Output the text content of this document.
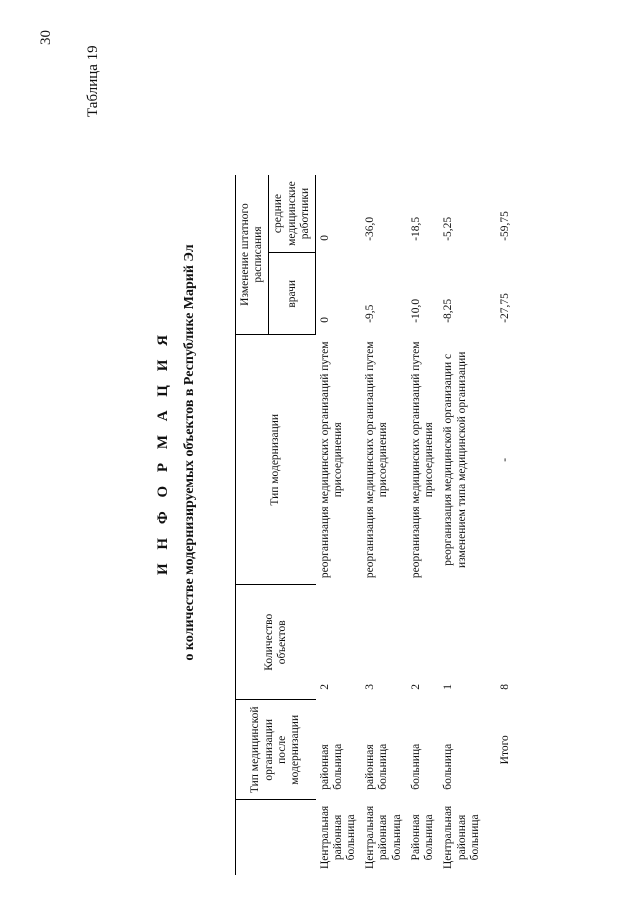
30
Таблица 19
И Н Ф О Р М А Ц И Я о количестве модернизируемых объектов в Республике Марий Эл
	Тип медицинской организации после модернизации	Количество объектов	Тип модернизации	Изменение штатного расписания	
				врачи	средние медицинские работники
Центральная районная больница	районная больница	2	реорганизация медицинских организаций путем присоединения	0	0
Центральная районная больница	районная больница	3	реорганизация медицинских организаций путем присоединения	-9,5	-36,0
Районная больница	больница	2	реорганизация медицинских организаций путем присоединения	-10,0	-18,5
Центральная районная больница	больница	1	реорганизация медицинской организации с изменением типа медицинской организации	-8,25	-5,25
	Итого	8	-	-27,75	-59,75
